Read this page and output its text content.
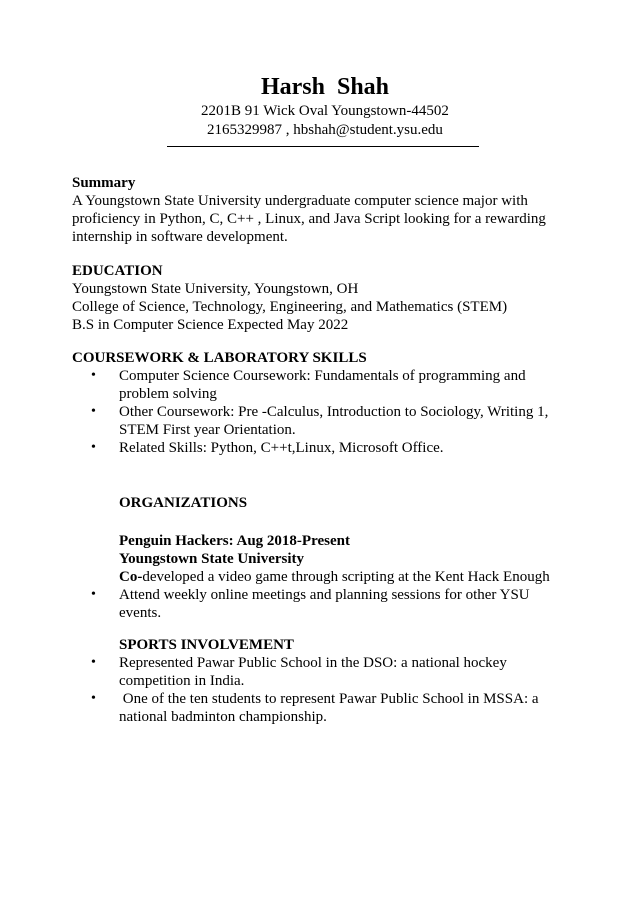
Harsh Shah
2201B 91 Wick Oval Youngstown-44502
2165329987 , hbshah@student.ysu.edu

Summary

A Youngstown State University undergraduate computer science major with

proficiency in Python, C, C++ , Linux, and Java Script looking for a rewarding

internship in software development.

EDUCATION

Youngstown State University, Youngstown, OH

College of Science, Technology, Engineering, and Mathematics (STEM)

B.S in Computer Science Expected May 2022

COURSEWORK & LABORATORY SKILLS

• Computer Science Coursework: Fundamentals of programming and
problem solving
• Other Coursework: Pre -Calculus, Introduction to Sociology, Writing 1,
STEM First year Orientation.
• Related Skills: Python, C++t,Linux, Microsoft Office.

ORGANIZATIONS

Penguin Hackers: Aug 2018-Present

Youngstown State University

Co-developed a video game through scripting at the Kent Hack Enough

• Attend weekly online meetings and planning sessions for other YSU
events.

SPORTS INVOLVEMENT

• Represented Pawar Public School in the DSO: a national hockey
competition in India.
• One of the ten students to represent Pawar Public School in MSSA: a
national badminton championship.
